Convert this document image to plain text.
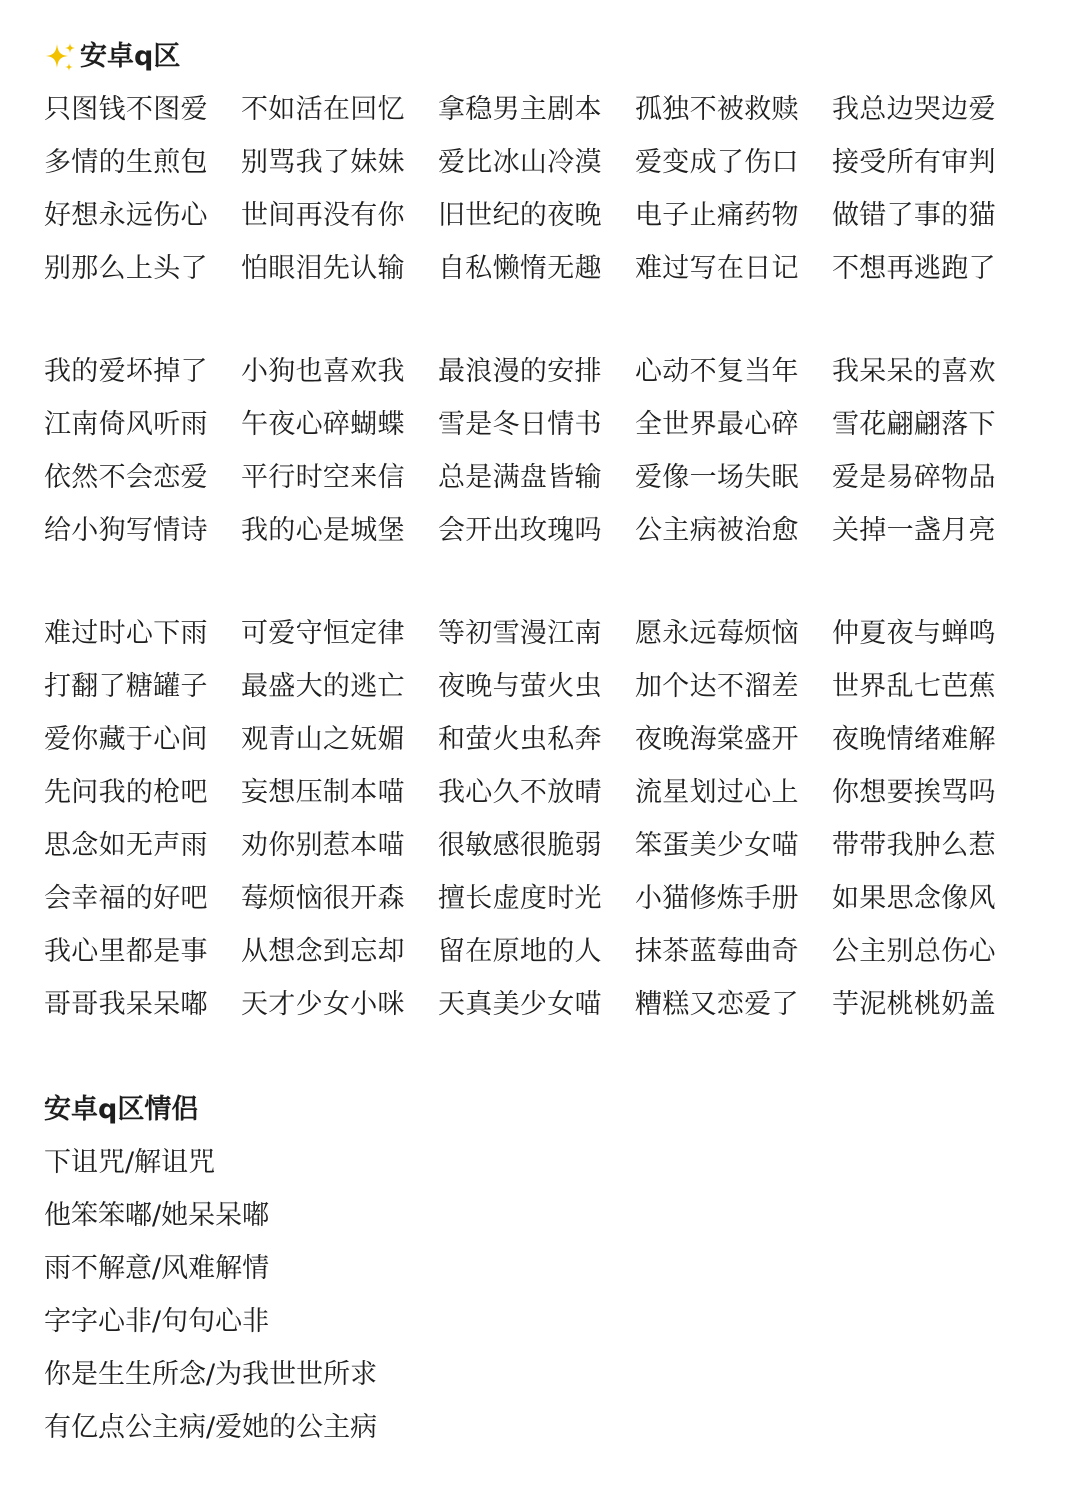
安卓q区
只图钱不图爱	不如活在回忆	拿稳男主剧本	孤独不被救赎	我总边哭边爱
多情的生煎包	别骂我了妹妹	爱比冰山冷漠	爱变成了伤口	接受所有审判
好想永远伤心	世间再没有你	旧世纪的夜晚	电子止痛药物	做错了事的猫
别那么上头了	怕眼泪先认输	自私懒惰无趣	难过写在日记	不想再逃跑了
我的爱坏掉了	小狗也喜欢我	最浪漫的安排	心动不复当年	我呆呆的喜欢
江南倚风听雨	午夜心碎蝴蝶	雪是冬日情书	全世界最心碎	雪花翩翩落下
依然不会恋爱	平行时空来信	总是满盘皆输	爱像一场失眠	爱是易碎物品
给小狗写情诗	我的心是城堡	会开出玫瑰吗	公主病被治愈	关掉一盏月亮
难过时心下雨	可爱守恒定律	等初雪漫江南	愿永远莓烦恼	仲夏夜与蝉鸣
打翻了糖罐子	最盛大的逃亡	夜晚与萤火虫	加个达不溜差	世界乱七芭蕉
爱你藏于心间	观青山之妩媚	和萤火虫私奔	夜晚海棠盛开	夜晚情绪难解
先问我的枪吧	妄想压制本喵	我心久不放晴	流星划过心上	你想要挨骂吗
思念如无声雨	劝你别惹本喵	很敏感很脆弱	笨蛋美少女喵	带带我肿么惹
会幸福的好吧	莓烦恼很开森	擅长虚度时光	小猫修炼手册	如果思念像风
我心里都是事	从想念到忘却	留在原地的人	抹茶蓝莓曲奇	公主别总伤心
哥哥我呆呆嘟	天才少女小咪	天真美少女喵	糟糕又恋爱了	芋泥桃桃奶盖
安卓q区情侣
下诅咒/解诅咒
他笨笨嘟/她呆呆嘟
雨不解意/风难解情
字字心非/句句心非
你是生生所念/为我世世所求
有亿点公主病/爱她的公主病
